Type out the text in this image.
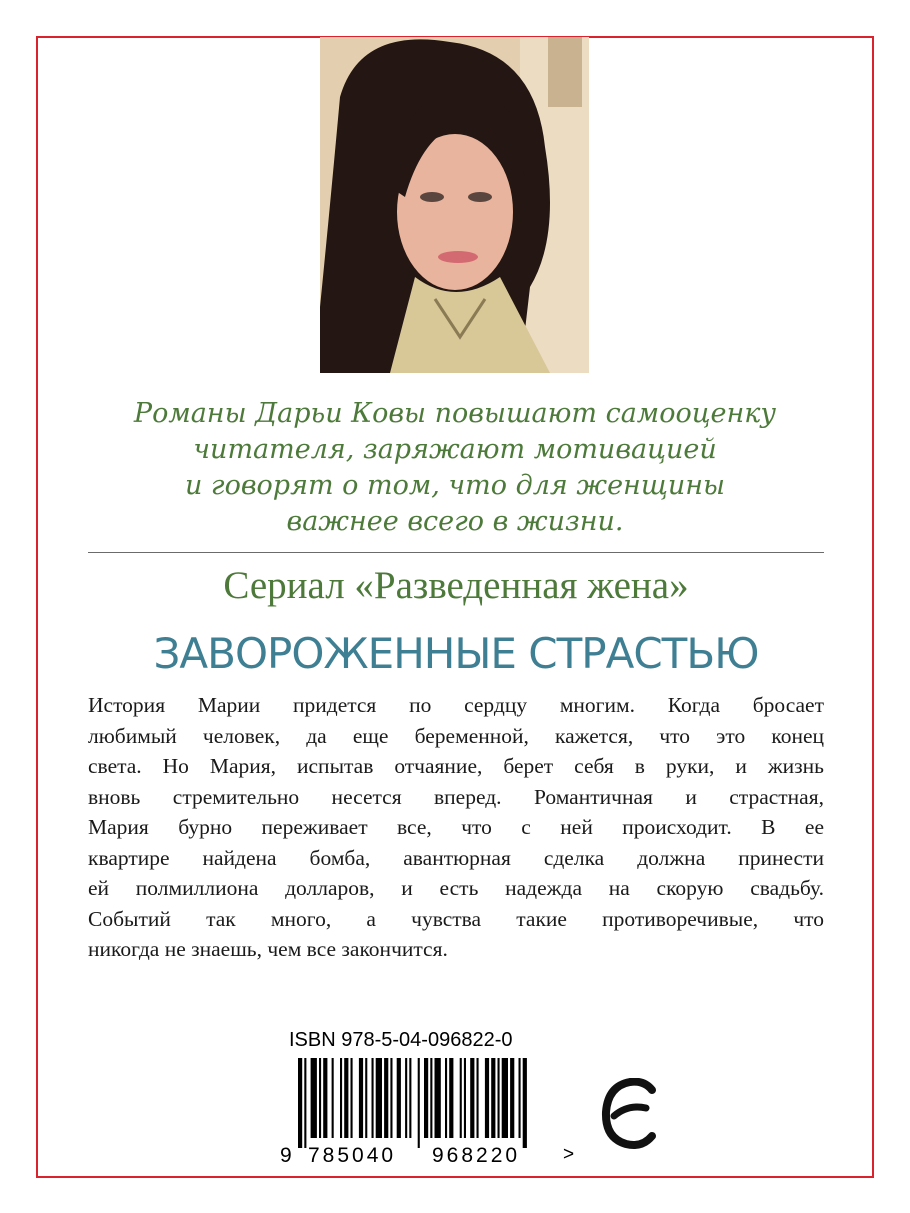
Романы Дарьи Ковы повышают самооценку
читателя, заряжают мотивацией
и говорят о том, что для женщины
важнее всего в жизни.
Сериал «Разведенная жена»
ЗАВОРОЖЕННЫЕ СТРАСТЬЮ
История Марии придется по сердцу многим. Когда бросает
любимый человек, да еще беременной, кажется, что это конец
света. Но Мария, испытав отчаяние, берет себя в руки, и жизнь
вновь стремительно несется вперед. Романтичная и страстная,
Мария бурно переживает все, что с ней происходит. В ее
квартире найдена бомба, авантюрная сделка должна принести
ей полмиллиона долларов, и есть надежда на скорую свадьбу.
Событий так много, а чувства такие противоречивые, что
никогда не знаешь, чем все закончится.
ISBN 978-5-04-096822-0
9 785040 968220 >
